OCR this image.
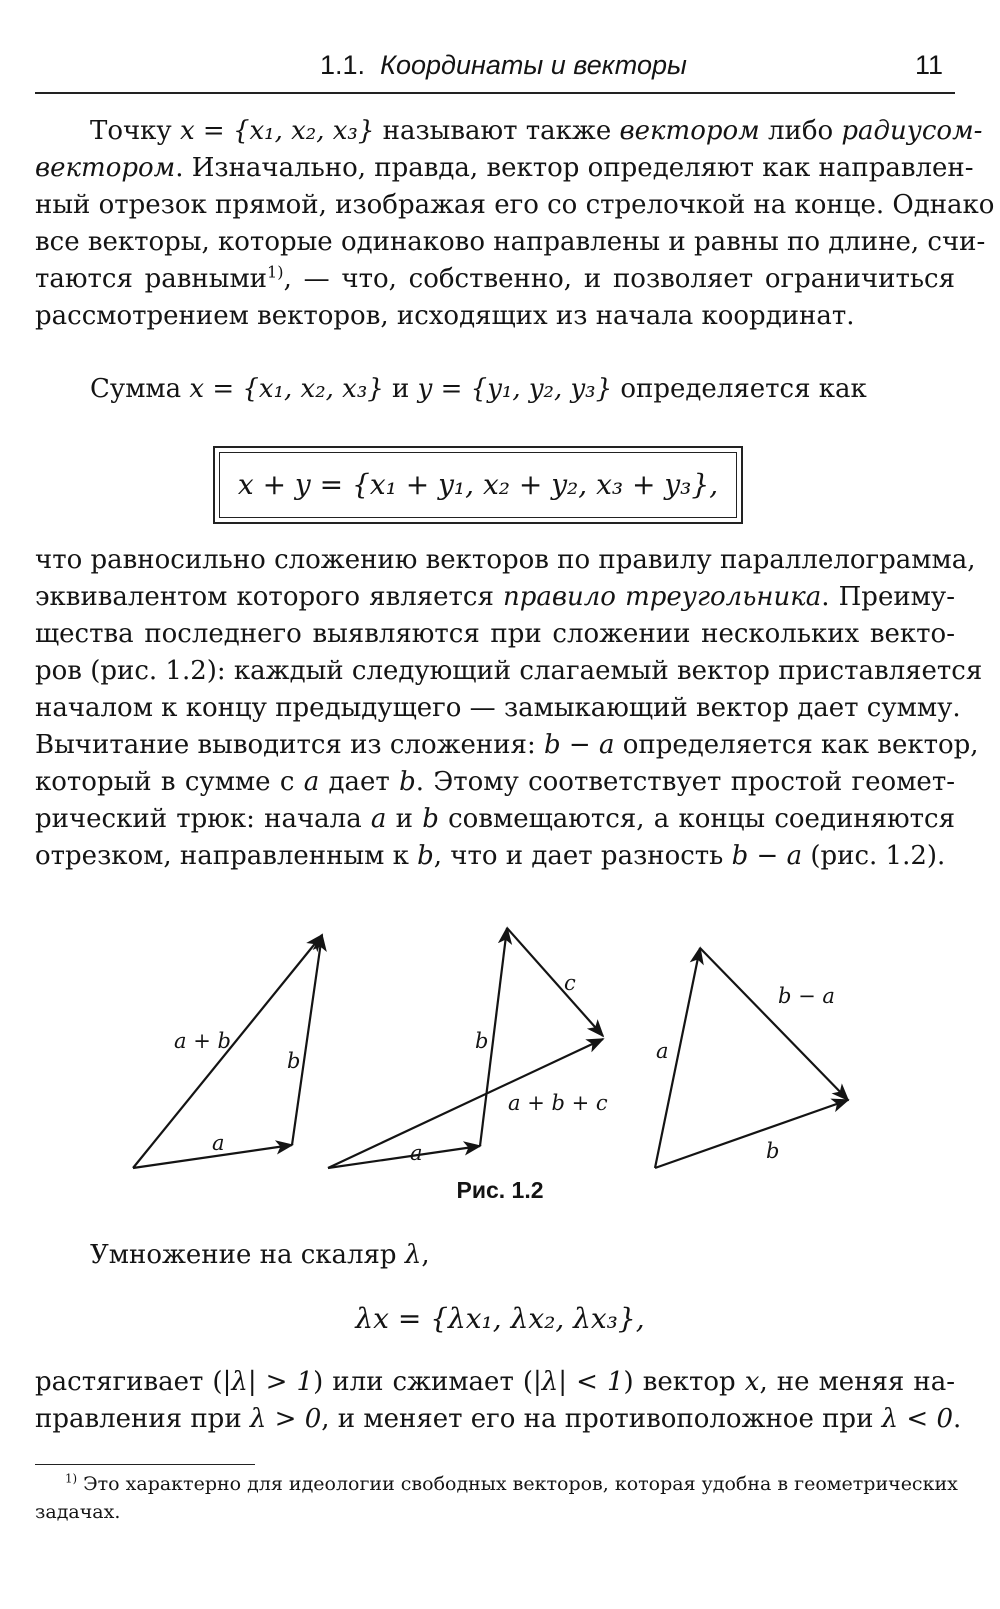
1.1. Координаты и векторы	11
Точку x = {x₁, x₂, x₃} называют также вектором либо радиусом-
вектором. Изначально, правда, вектор определяют как направлен-
ный отрезок прямой, изображая его со стрелочкой на конце. Однако
все векторы, которые одинаково направлены и равны по длине, счи-
таются равными$^{1)}$, — что, собственно, и позволяет ограничиться
рассмотрением векторов, исходящих из начала координат.
Сумма x = {x₁, x₂, x₃} и y = {y₁, y₂, y₃} определяется как
x + y = {x₁ + y₁, x₂ + y₂, x₃ + y₃},
что равносильно сложению векторов по правилу параллелограмма,
эквивалентом которого является правило треугольника. Преиму-
щества последнего выявляются при сложении нескольких векто-
ров (рис. 1.2): каждый следующий слагаемый вектор приставляется
началом к концу предыдущего — замыкающий вектор дает сумму.
Вычитание выводится из сложения: b − a определяется как вектор,
который в сумме с a дает b. Этому соответствует простой геомет-
рический трюк: начала a и b совмещаются, а концы соединяются
отрезком, направленным к b, что и дает разность b − a (рис. 1.2).
a + b
b
a
c
b
a + b + c
a
b − a
a
b
Рис. 1.2
Умножение на скаляр λ,
λx = {λx₁, λx₂, λx₃},
растягивает (|λ| > 1) или сжимает (|λ| < 1) вектор x, не меняя на-
правления при λ > 0, и меняет его на противоположное при λ < 0.
$^{1)}$ Это характерно для идеологии свободных векторов, которая удобна в геометрических
задачах.
